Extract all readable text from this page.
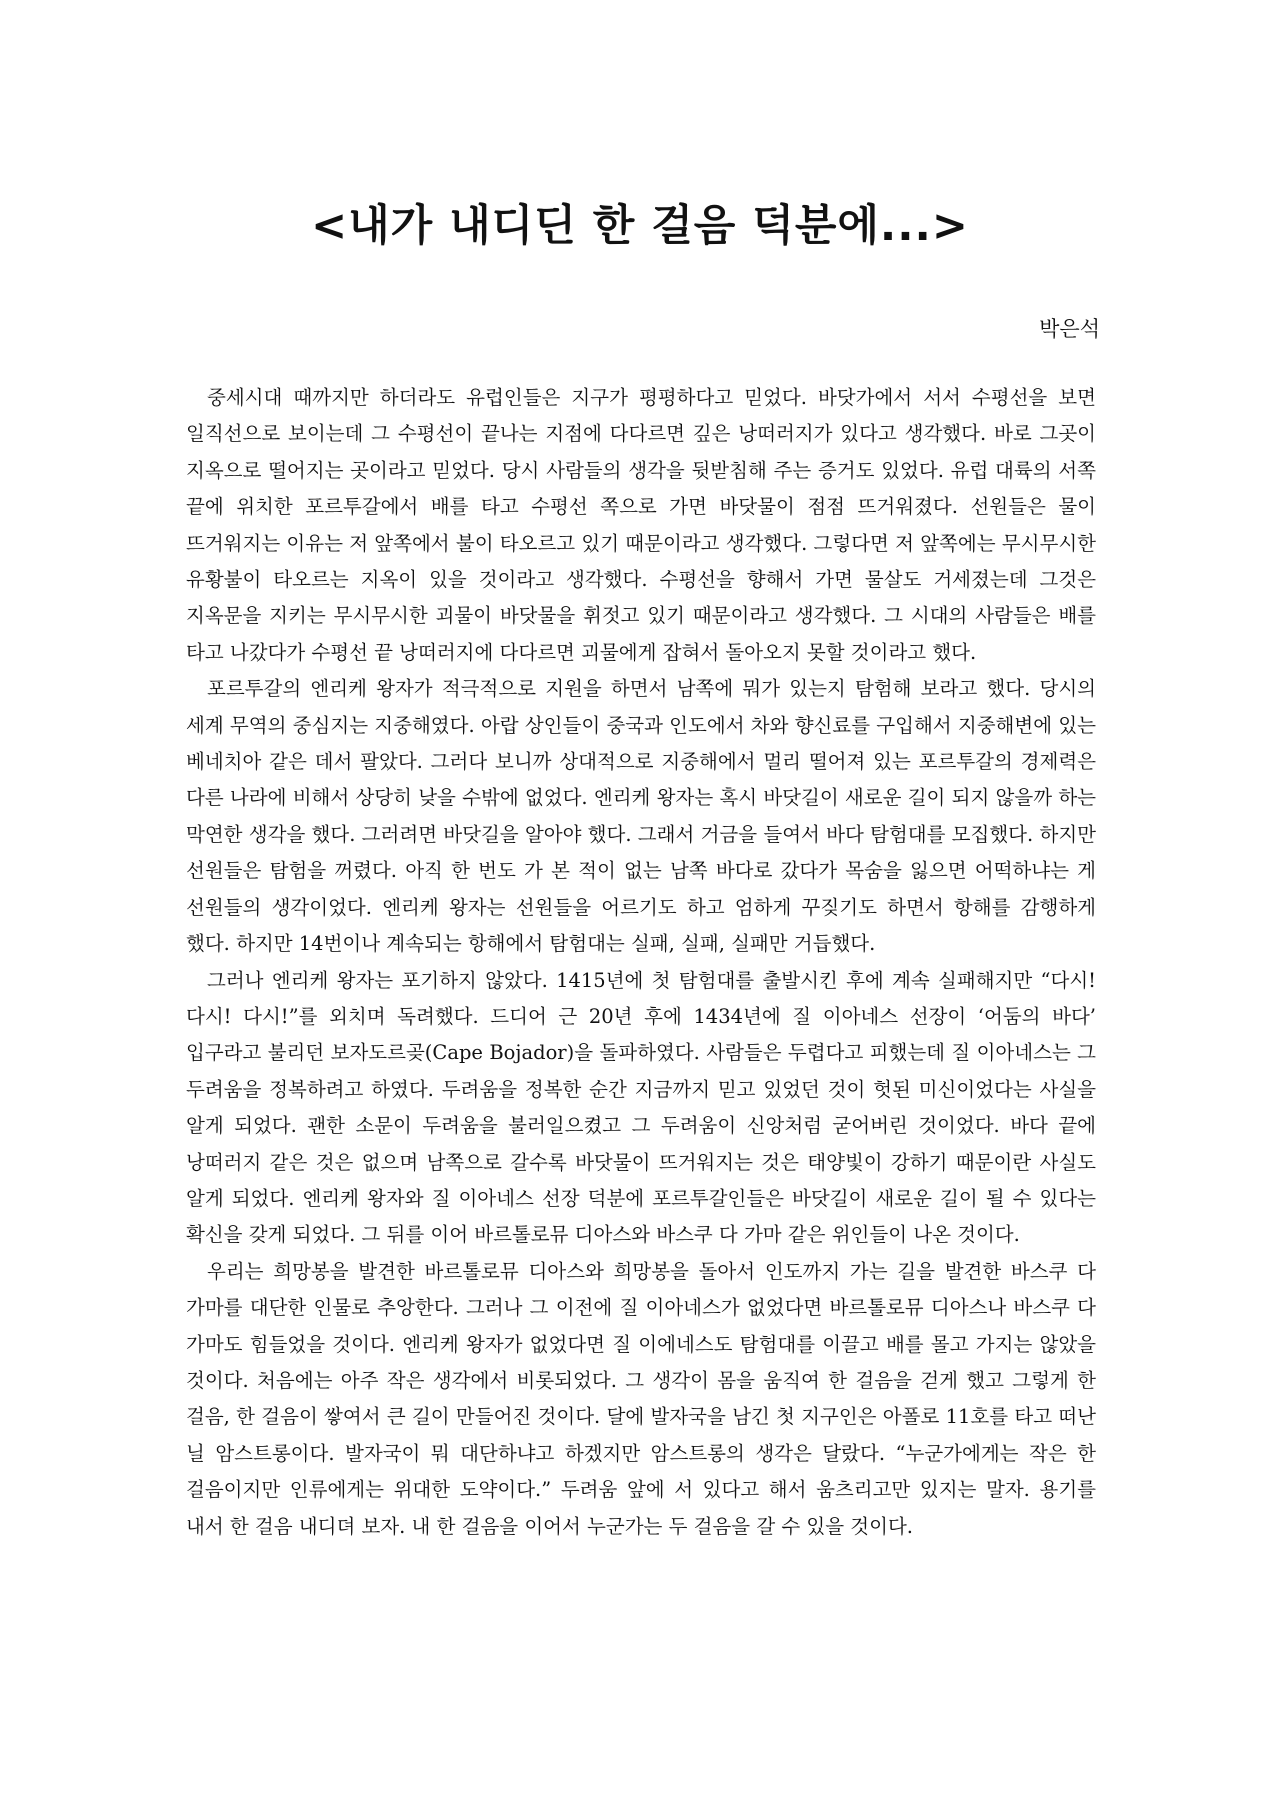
<내가 내디딘 한 걸음 덕분에...>
박은석

중세시대 때까지만 하더라도 유럽인들은 지구가 평평하다고 믿었다. 바닷가에서 서서 수평선을 보면 일직선으로 보이는데 그 수평선이 끝나는 지점에 다다르면 깊은 낭떠러지가 있다고 생각했다. 바로 그곳이 지옥으로 떨어지는 곳이라고 믿었다. 당시 사람들의 생각을 뒷받침해 주는 증거도 있었다. 유럽 대륙의 서쪽 끝에 위치한 포르투갈에서 배를 타고 수평선 쪽으로 가면 바닷물이 점점 뜨거워졌다. 선원들은 물이 뜨거워지는 이유는 저 앞쪽에서 불이 타오르고 있기 때문이라고 생각했다. 그렇다면 저 앞쪽에는 무시무시한 유황불이 타오르는 지옥이 있을 것이라고 생각했다. 수평선을 향해서 가면 물살도 거세졌는데 그것은 지옥문을 지키는 무시무시한 괴물이 바닷물을 휘젓고 있기 때문이라고 생각했다. 그 시대의 사람들은 배를 타고 나갔다가 수평선 끝 낭떠러지에 다다르면 괴물에게 잡혀서 돌아오지 못할 것이라고 했다.

포르투갈의 엔리케 왕자가 적극적으로 지원을 하면서 남쪽에 뭐가 있는지 탐험해 보라고 했다. 당시의 세계 무역의 중심지는 지중해였다. 아랍 상인들이 중국과 인도에서 차와 향신료를 구입해서 지중해변에 있는 베네치아 같은 데서 팔았다. 그러다 보니까 상대적으로 지중해에서 멀리 떨어져 있는 포르투갈의 경제력은 다른 나라에 비해서 상당히 낮을 수밖에 없었다. 엔리케 왕자는 혹시 바닷길이 새로운 길이 되지 않을까 하는 막연한 생각을 했다. 그러려면 바닷길을 알아야 했다. 그래서 거금을 들여서 바다 탐험대를 모집했다. 하지만 선원들은 탐험을 꺼렸다. 아직 한 번도 가 본 적이 없는 남쪽 바다로 갔다가 목숨을 잃으면 어떡하냐는 게 선원들의 생각이었다. 엔리케 왕자는 선원들을 어르기도 하고 엄하게 꾸짖기도 하면서 항해를 감행하게 했다. 하지만 14번이나 계속되는 항해에서 탐험대는 실패, 실패, 실패만 거듭했다.

그러나 엔리케 왕자는 포기하지 않았다. 1415년에 첫 탐험대를 출발시킨 후에 계속 실패해지만 “다시! 다시! 다시!”를 외치며 독려했다. 드디어 근 20년 후에 1434년에 질 이아네스 선장이 ‘어둠의 바다’ 입구라고 불리던 보자도르곶(Cape Bojador)을 돌파하였다. 사람들은 두렵다고 피했는데 질 이아네스는 그 두려움을 정복하려고 하였다. 두려움을 정복한 순간 지금까지 믿고 있었던 것이 헛된 미신이었다는 사실을 알게 되었다. 괜한 소문이 두려움을 불러일으켰고 그 두려움이 신앙처럼 굳어버린 것이었다. 바다 끝에 낭떠러지 같은 것은 없으며 남쪽으로 갈수록 바닷물이 뜨거워지는 것은 태양빛이 강하기 때문이란 사실도 알게 되었다. 엔리케 왕자와 질 이아네스 선장 덕분에 포르투갈인들은 바닷길이 새로운 길이 될 수 있다는 확신을 갖게 되었다. 그 뒤를 이어 바르톨로뮤 디아스와 바스쿠 다 가마 같은 위인들이 나온 것이다.

우리는 희망봉을 발견한 바르톨로뮤 디아스와 희망봉을 돌아서 인도까지 가는 길을 발견한 바스쿠 다 가마를 대단한 인물로 추앙한다. 그러나 그 이전에 질 이아네스가 없었다면 바르톨로뮤 디아스나 바스쿠 다 가마도 힘들었을 것이다. 엔리케 왕자가 없었다면 질 이에네스도 탐험대를 이끌고 배를 몰고 가지는 않았을 것이다. 처음에는 아주 작은 생각에서 비롯되었다. 그 생각이 몸을 움직여 한 걸음을 걷게 했고 그렇게 한 걸음, 한 걸음이 쌓여서 큰 길이 만들어진 것이다. 달에 발자국을 남긴 첫 지구인은 아폴로 11호를 타고 떠난 닐 암스트롱이다. 발자국이 뭐 대단하냐고 하겠지만 암스트롱의 생각은 달랐다. “누군가에게는 작은 한 걸음이지만 인류에게는 위대한 도약이다.” 두려움 앞에 서 있다고 해서 움츠리고만 있지는 말자. 용기를 내서 한 걸음 내디뎌 보자. 내 한 걸음을 이어서 누군가는 두 걸음을 갈 수 있을 것이다.
